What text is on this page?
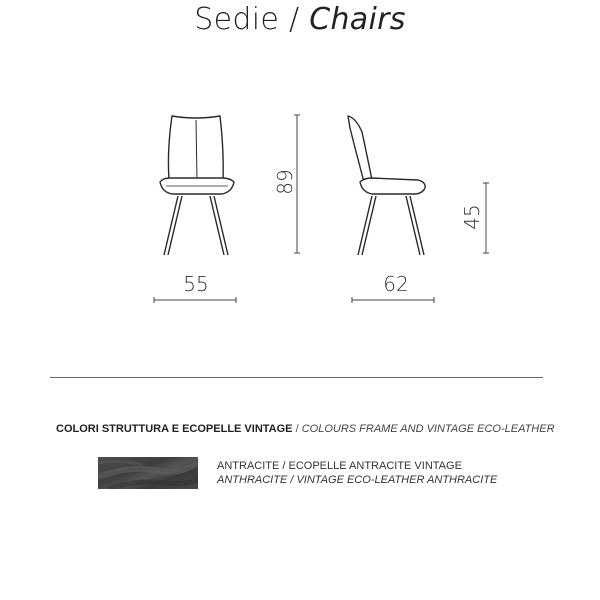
Sedie / Chairs
89
45
55	62
COLORI STRUTTURA E ECOPELLE VINTAGE / COLOURS FRAME AND VINTAGE ECO-LEATHER
ANTRACITE / ECOPELLE ANTRACITE VINTAGE
ANTHRACITE / VINTAGE ECO-LEATHER ANTHRACITE
